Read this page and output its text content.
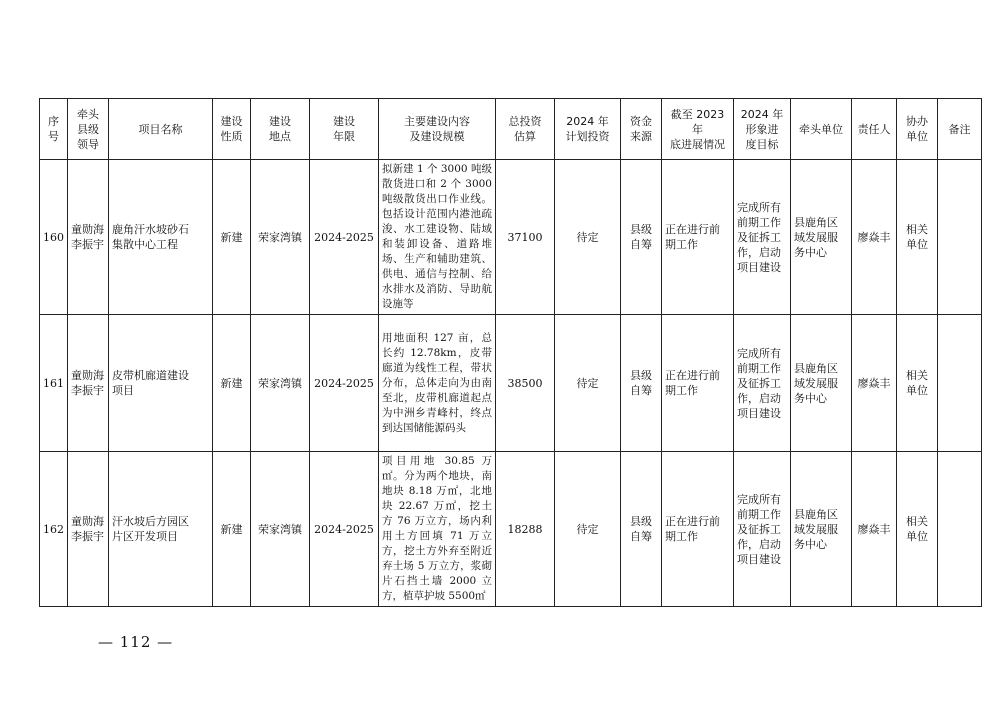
序
号	牵头
县级
领导	项目名称	建设
性质	建设
地点	建设
年限	主要建设内容
及建设规模	总投资
估算	2024 年
计划投资	资金
来源	截至 2023 年
底进展情况	2024 年
形象进
度目标	牵头单位	责任人	协办
单位	备注
160	童勋海
李振宇	鹿角汗水坡砂石
集散中心工程	新建	荣家湾镇	2024-2025	拟新建 1 个 3000 吨级散货进口和 2 个 3000 吨级散货出口作业线。包括设计范围内港池疏浚、水工建设物、陆域和装卸设备、道路堆场、生产和辅助建筑、供电、通信与控制、给水排水及消防、导助航设施等	37100	待定	县级
自筹	正在进行前
期工作	完成所有
前期工作
及征拆工
作，启动
项目建设	县鹿角区
域发展服
务中心	廖焱丰	相关
单位	
161	童勋海
李振宇	皮带机廊道建设
项目	新建	荣家湾镇	2024-2025	用地面积 127 亩，总长约 12.78km，皮带廊道为线性工程，带状分布，总体走向为由南至北，皮带机廊道起点为中洲乡青峰村，终点到达国储能源码头	38500	待定	县级
自筹	正在进行前
期工作	完成所有
前期工作
及征拆工
作，启动
项目建设	县鹿角区
域发展服
务中心	廖焱丰	相关
单位	
162	童勋海
李振宇	汗水坡后方园区
片区开发项目	新建	荣家湾镇	2024-2025	项目用地 30.85 万㎡。分为两个地块，南地块 8.18 万㎡，北地块 22.67 万㎡，挖土方 76 万立方，场内利用土方回填 71 万立方，挖土方外弃至附近弃土场 5 万立方，浆砌片石挡土墙 2000 立方，植草护坡 5500㎡	18288	待定	县级
自筹	正在进行前
期工作	完成所有
前期工作
及征拆工
作，启动
项目建设	县鹿角区
域发展服
务中心	廖焱丰	相关
单位	
— 112 —
